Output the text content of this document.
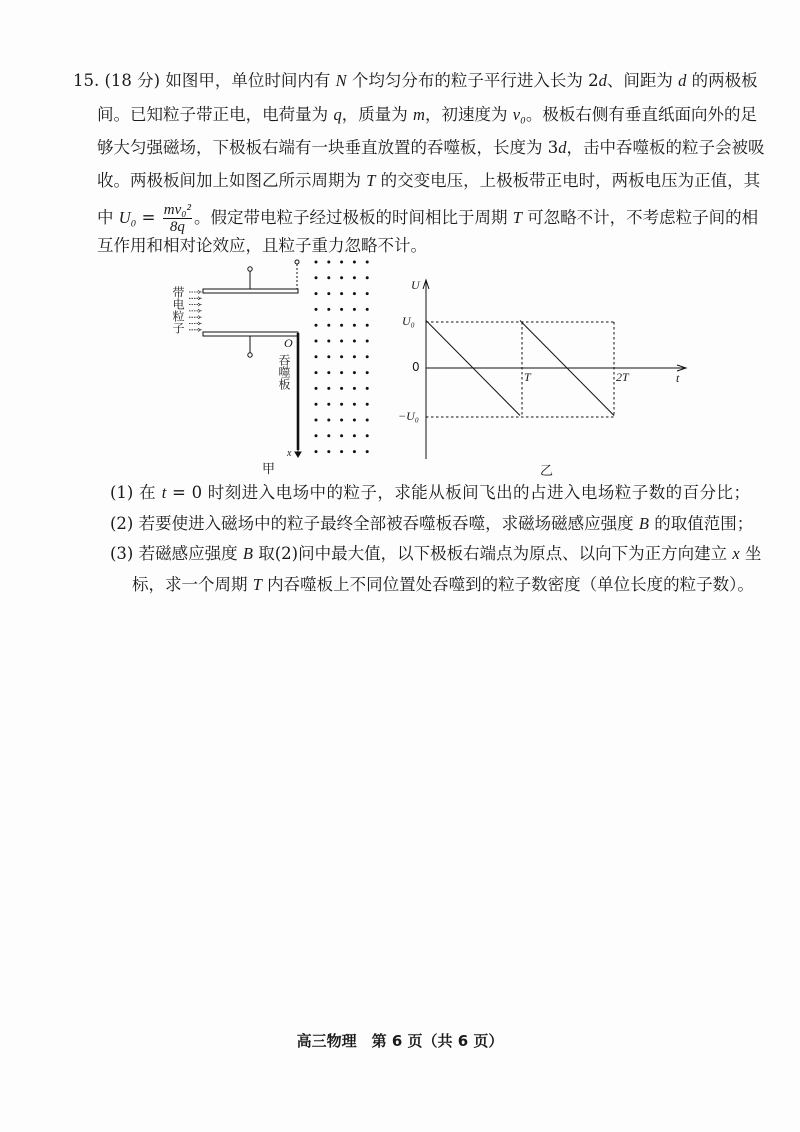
15. (18 分) 如图甲，单位时间内有 N 个均匀分布的粒子平行进入长为 2d、间距为 d 的两极板
间。已知粒子带正电，电荷量为 q，质量为 m，初速度为 v₀。极板右侧有垂直纸面向外的足
够大匀强磁场，下极板右端有一块垂直放置的吞噬板，长度为 3d，击中吞噬板的粒子会被吸
收。两极板间加上如图乙所示周期为 T 的交变电压，上极板带正电时，两板电压为正值，其
中 $U_0 = \frac{\text{mv₀²}}{8q}$ 。假定带电粒子经过极板的时间相比于周期 T 可忽略不计，不考虑粒子间的相
互作用和相对论效应，且粒子重力忽略不计。
(1) 在 t = 0 时刻进入电场中的粒子，求能从板间飞出的占进入电场粒子数的百分比；
(2) 若要使进入磁场中的粒子最终全部被吞噬板吞噬，求磁场磁感应强度 B 的取值范围；
(3) 若磁感应强度 B 取(2)问中最大值，以下极板右端点为原点、以向下为正方向建立 x 坐
标，求一个周期 T 内吞噬板上不同位置处吞噬到的粒子数密度（单位长度的粒子数）。
带电粒子
吞噬板
O
x
甲
U
t
U₀
0
−U₀
T	2T
乙
高三物理　第 6 页（共 6 页）
